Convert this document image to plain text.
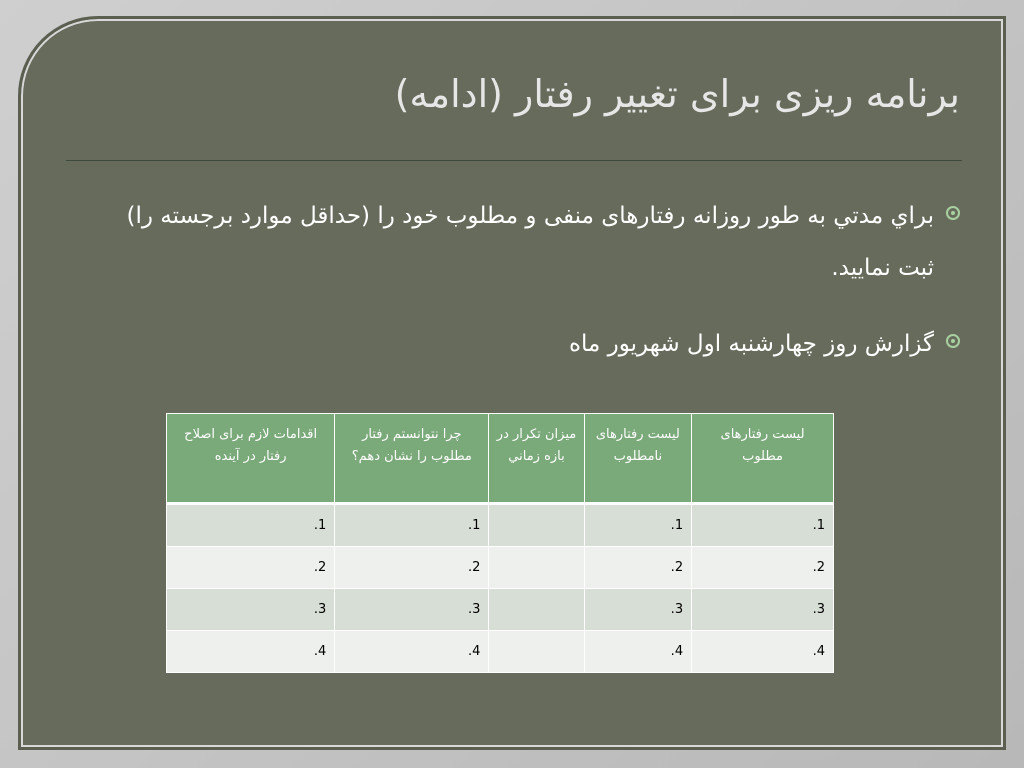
برنامه ریزی برای تغییر رفتار (ادامه)
براي مدتي به طور روزانه رفتارهای منفی و مطلوب خود را (حداقل موارد برجسته را) ثبت نمایید.
گزارش روز چهارشنبه اول شهریور ماه
لیست رفتارهای مطلوب	لیست رفتارهای نامطلوب	میزان تکرار در بازه زماني	چرا نتوانستم رفتار مطلوب را نشان دهم؟	اقدامات لازم برای اصلاح رفتار در آینده
1.	1.		1.	1.
2.	2.		2.	2.
3.	3.		3.	3.
4.	4.		4.	4.
